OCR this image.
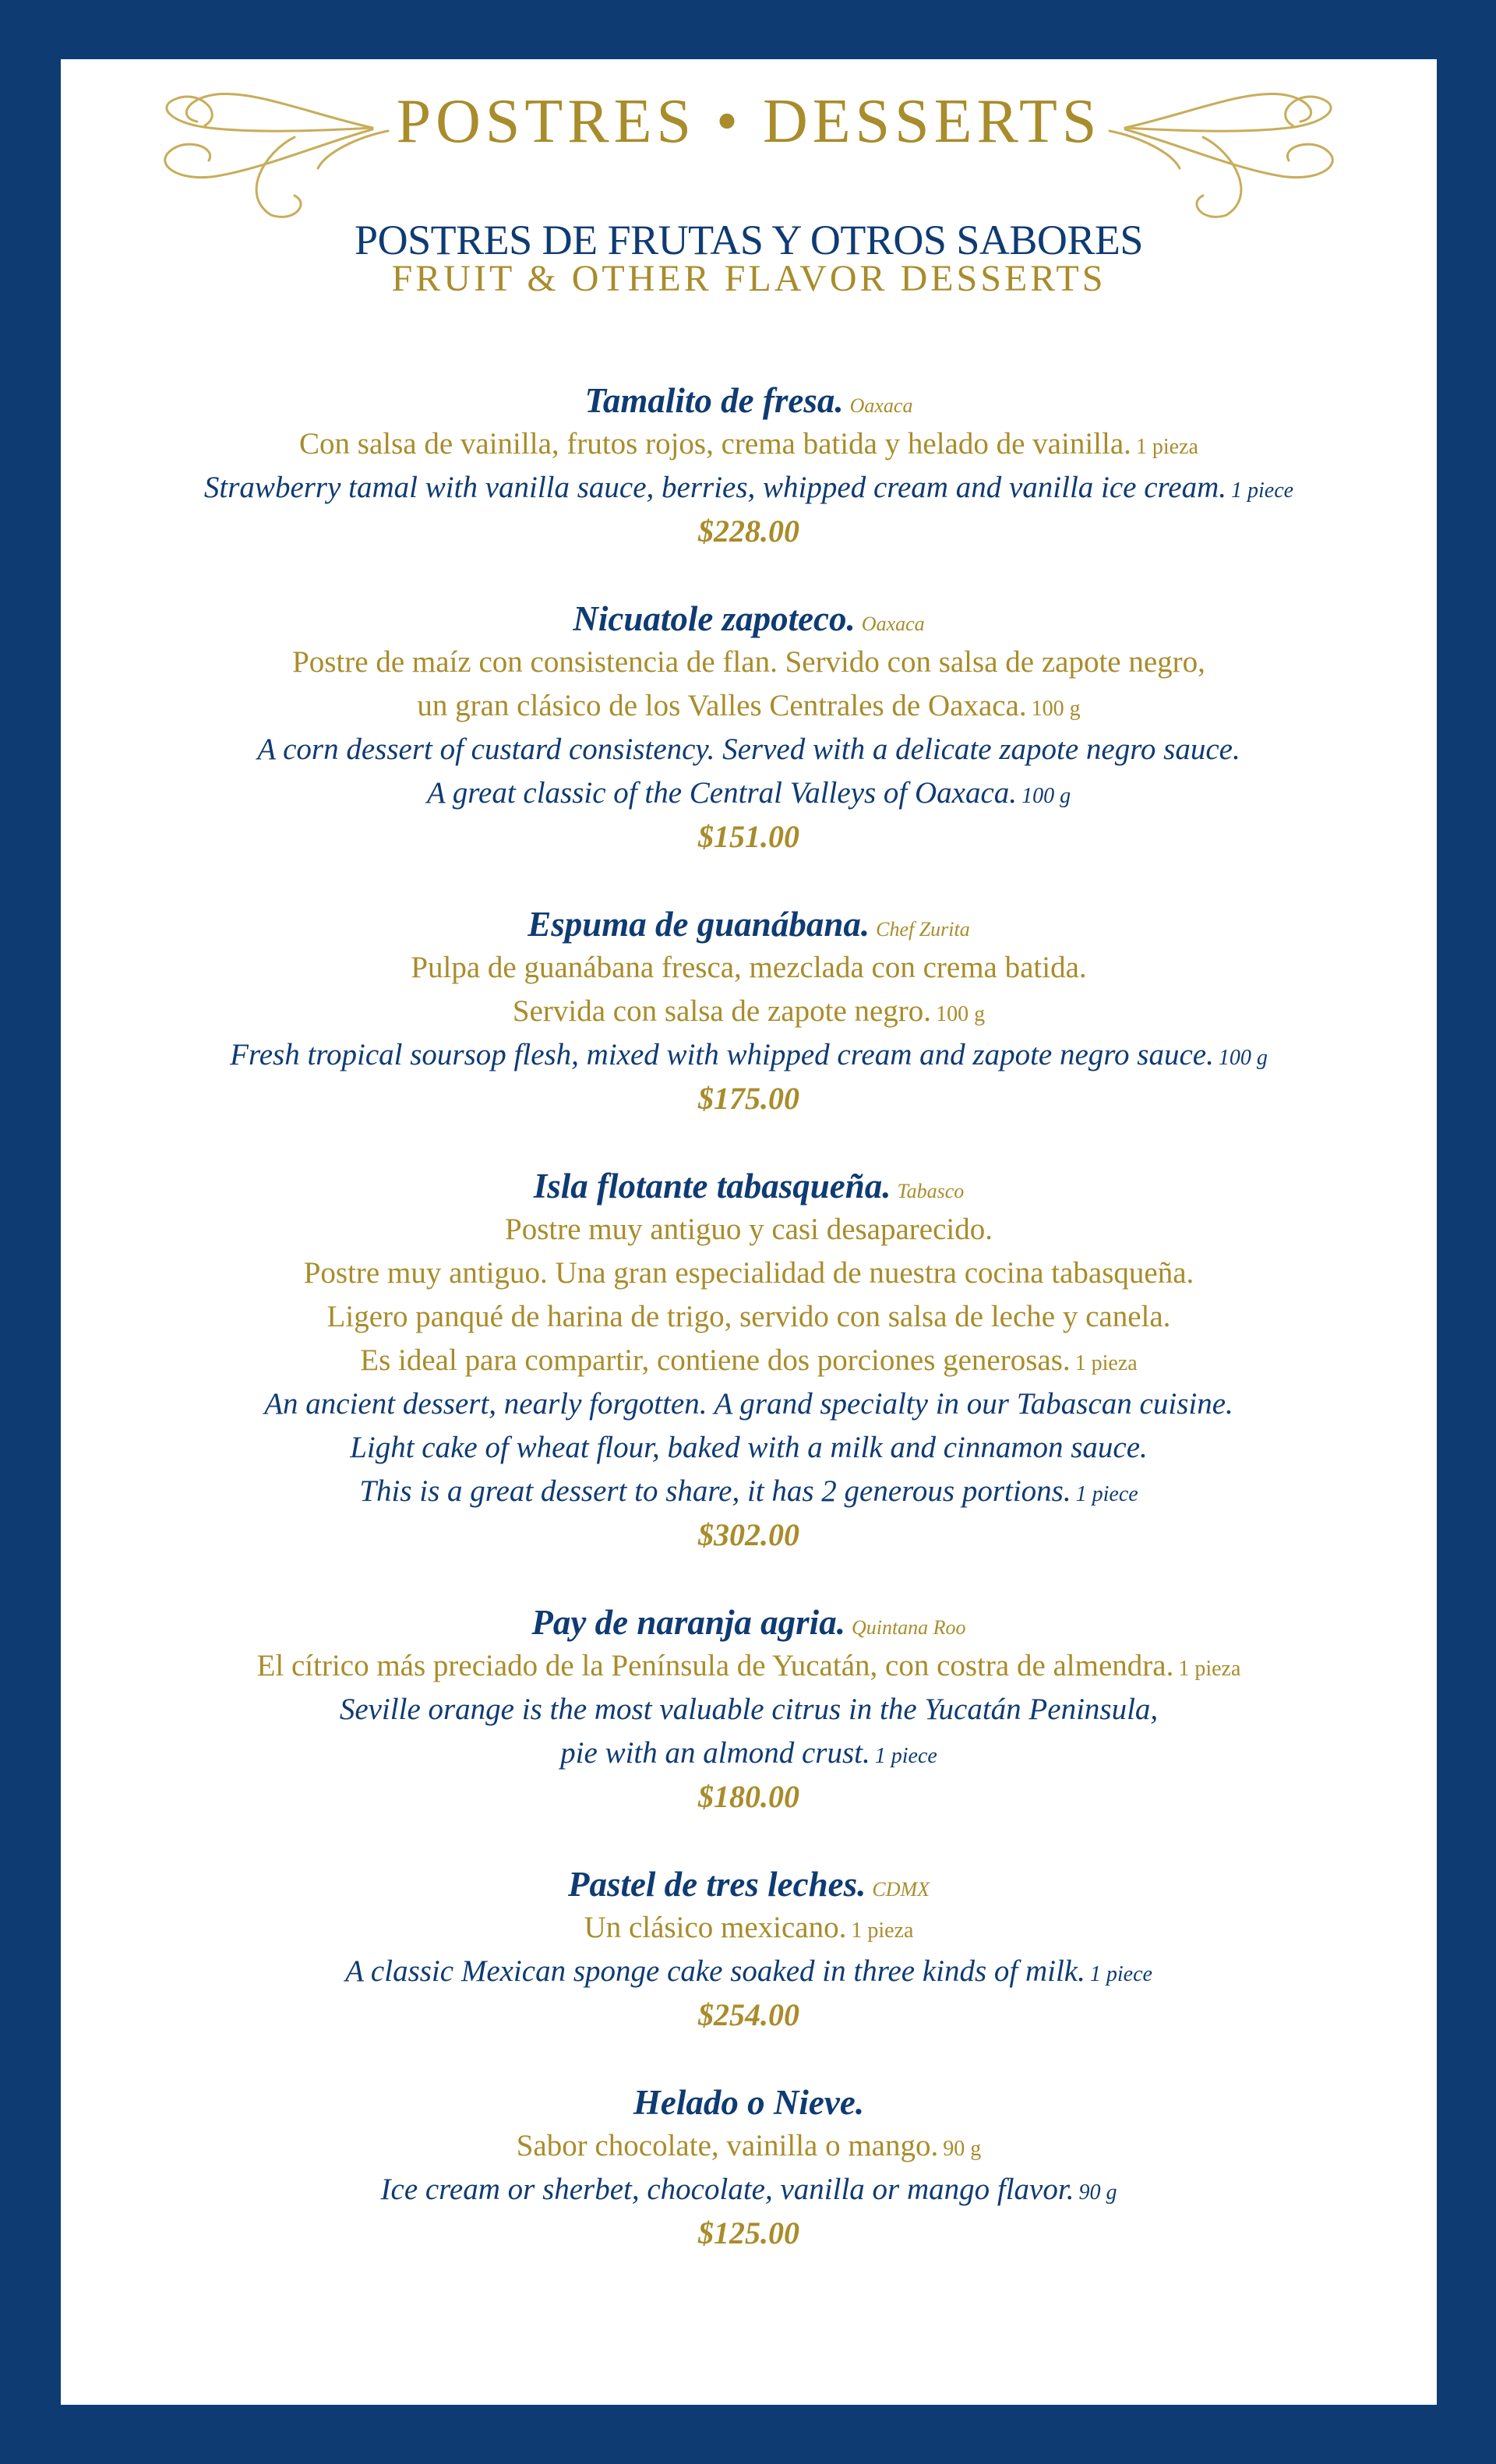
POSTRES • DESSERTS
POSTRES DE FRUTAS Y OTROS SABORES
FRUIT & OTHER FLAVOR DESSERTS
Tamalito de fresa. Oaxaca
Con salsa de vainilla, frutos rojos, crema batida y helado de vainilla. 1 pieza
Strawberry tamal with vanilla sauce, berries, whipped cream and vanilla ice cream. 1 piece
$228.00
Nicuatole zapoteco. Oaxaca
Postre de maíz con consistencia de flan. Servido con salsa de zapote negro,
un gran clásico de los Valles Centrales de Oaxaca. 100 g
A corn dessert of custard consistency. Served with a delicate zapote negro sauce.
A great classic of the Central Valleys of Oaxaca. 100 g
$151.00
Espuma de guanábana. Chef Zurita
Pulpa de guanábana fresca, mezclada con crema batida.
Servida con salsa de zapote negro. 100 g
Fresh tropical soursop flesh, mixed with whipped cream and zapote negro sauce. 100 g
$175.00
Isla flotante tabasqueña. Tabasco
Postre muy antiguo y casi desaparecido.
Postre muy antiguo. Una gran especialidad de nuestra cocina tabasqueña.
Ligero panqué de harina de trigo, servido con salsa de leche y canela.
Es ideal para compartir, contiene dos porciones generosas. 1 pieza
An ancient dessert, nearly forgotten. A grand specialty in our Tabascan cuisine.
Light cake of wheat flour, baked with a milk and cinnamon sauce.
This is a great dessert to share, it has 2 generous portions. 1 piece
$302.00
Pay de naranja agria. Quintana Roo
El cítrico más preciado de la Península de Yucatán, con costra de almendra. 1 pieza
Seville orange is the most valuable citrus in the Yucatán Peninsula,
pie with an almond crust. 1 piece
$180.00
Pastel de tres leches. CDMX
Un clásico mexicano. 1 pieza
A classic Mexican sponge cake soaked in three kinds of milk. 1 piece
$254.00
Helado o Nieve.
Sabor chocolate, vainilla o mango. 90 g
Ice cream or sherbet, chocolate, vanilla or mango flavor. 90 g
$125.00
